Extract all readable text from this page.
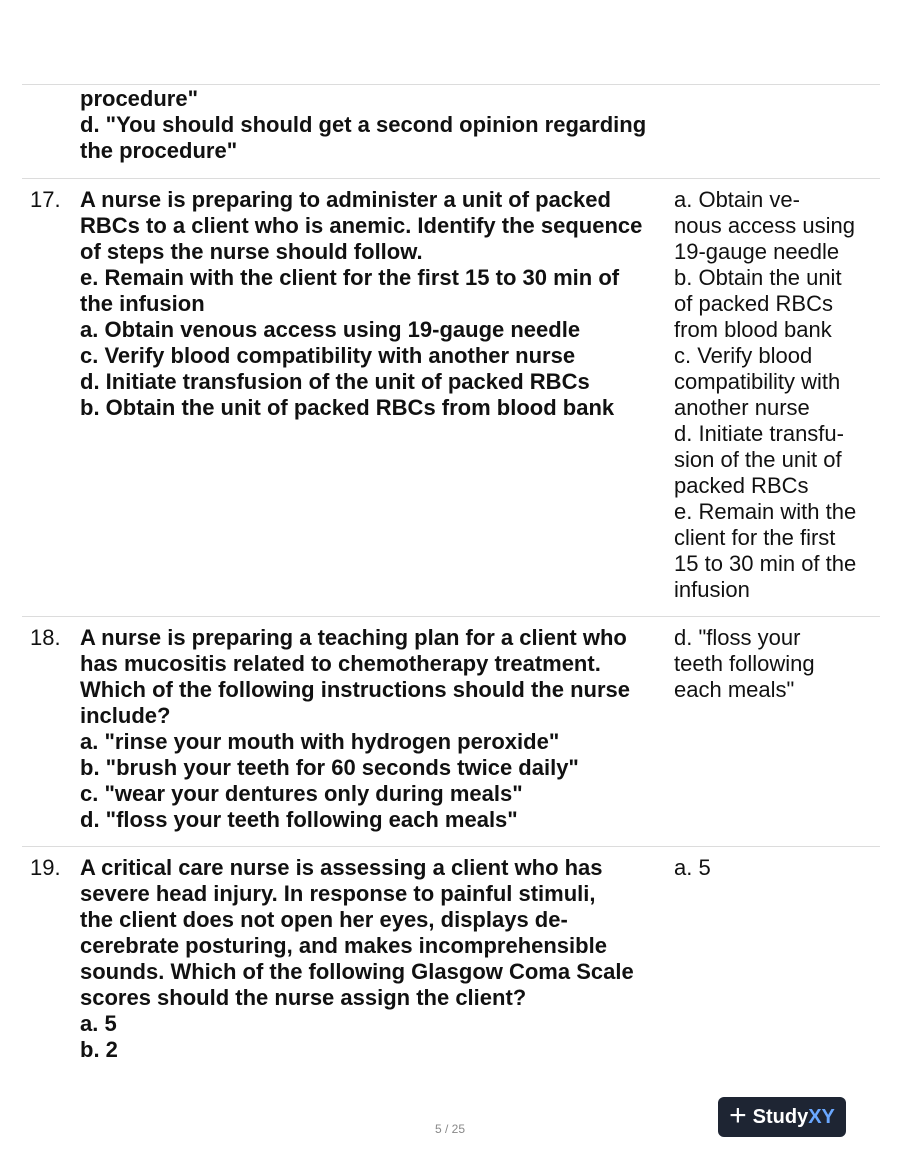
procedure"
d. "You should should get a second opinion regarding
the procedure"
17. A nurse is preparing to administer a unit of packed
RBCs to a client who is anemic. Identify the sequence
of steps the nurse should follow.
e. Remain with the client for the first 15 to 30 min of
the infusion
a. Obtain venous access using 19-gauge needle
c. Verify blood compatibility with another nurse
d. Initiate transfusion of the unit of packed RBCs
b. Obtain the unit of packed RBCs from blood bank
a. Obtain ve-
nous access using
19-gauge needle
b. Obtain the unit
of packed RBCs
from blood bank
c. Verify blood
compatibility with
another nurse
d. Initiate transfu-
sion of the unit of
packed RBCs
e. Remain with the
client for the first
15 to 30 min of the
infusion
18. A nurse is preparing a teaching plan for a client who
has mucositis related to chemotherapy treatment.
Which of the following instructions should the nurse
include?
a. "rinse your mouth with hydrogen peroxide"
b. "brush your teeth for 60 seconds twice daily"
c. "wear your dentures only during meals"
d. "floss your teeth following each meals"
d. "floss your
teeth following
each meals"
19. A critical care nurse is assessing a client who has
severe head injury. In response to painful stimuli,
the client does not open her eyes, displays de-
cerebrate posturing, and makes incomprehensible
sounds. Which of the following Glasgow Coma Scale
scores should the nurse assign the client?
a. 5
b. 2
a. 5
5 / 25	+ StudyXY
